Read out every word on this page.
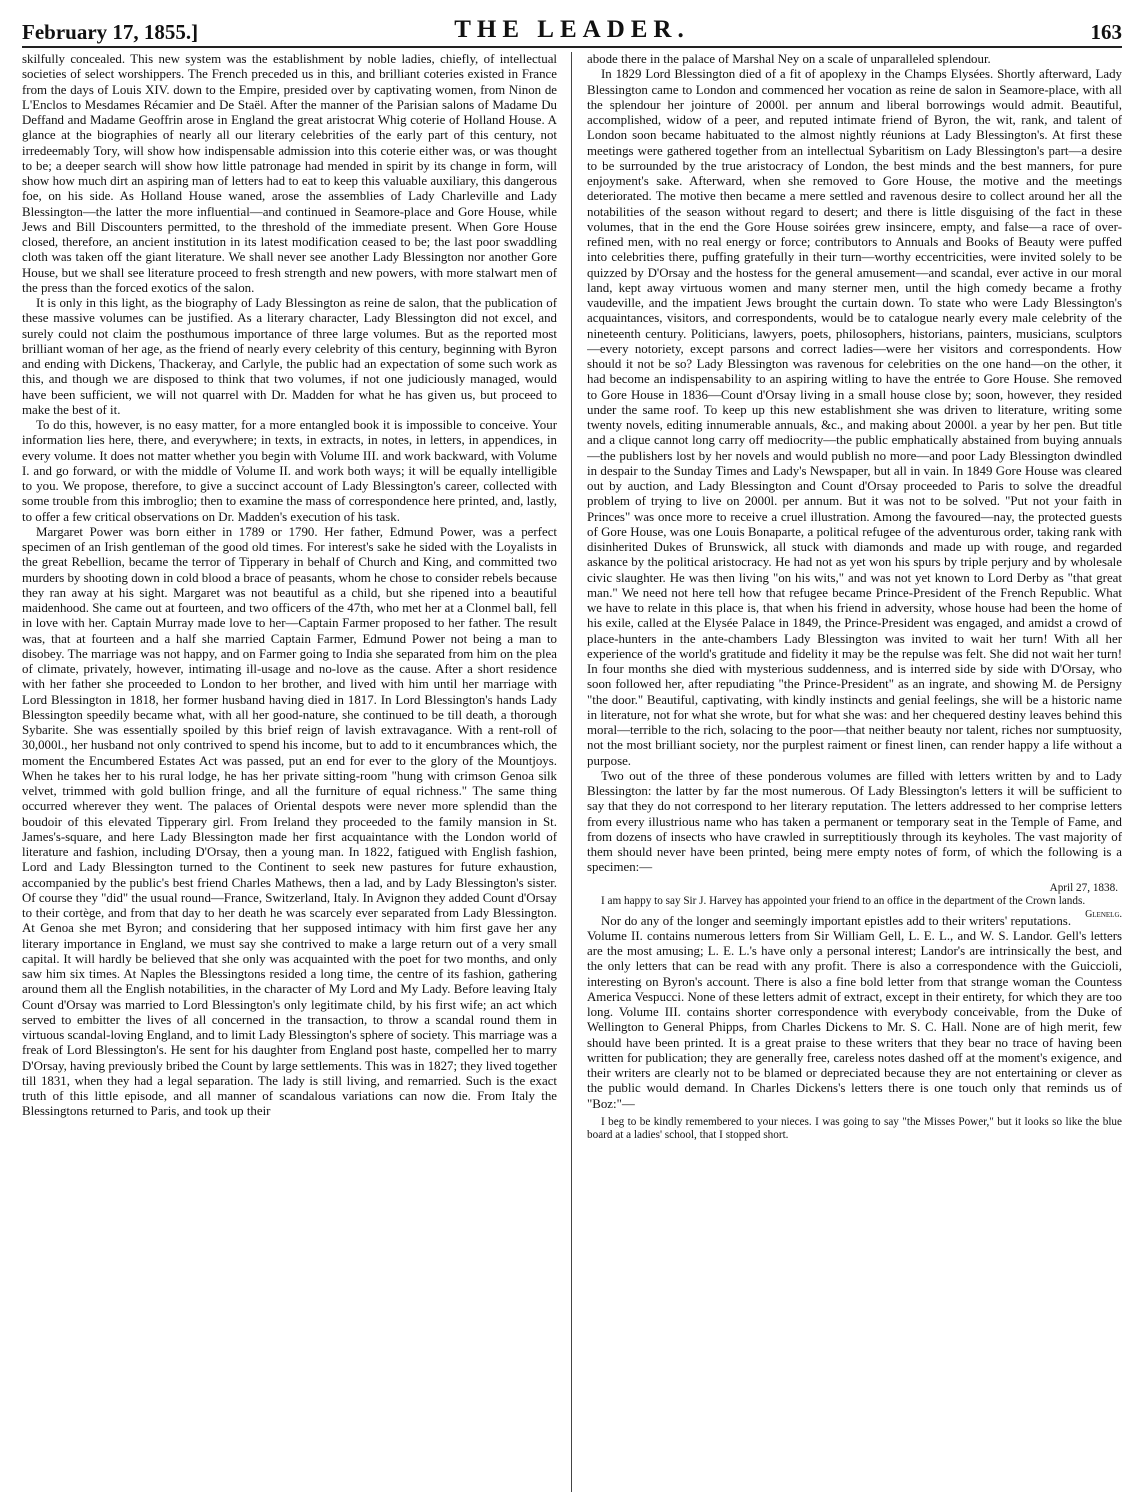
February 17, 1855.]	THE LEADER.	163

skilfully concealed. This new system was the establishment by noble ladies, chiefly, of intellectual societies of select worshippers. The French preceded us in this, and brilliant coteries existed in France from the days of Louis XIV. down to the Empire, presided over by captivating women, from Ninon de L'Enclos to Mesdames Récamier and De Staël. After the manner of the Parisian salons of Madame Du Deffand and Madame Geoffrin arose in England the great aristocrat Whig coterie of Holland House. A glance at the biographies of nearly all our literary celebrities of the early part of this century, not irredeemably Tory, will show how indispensable admission into this coterie either was, or was thought to be; a deeper search will show how little patronage had mended in spirit by its change in form, will show how much dirt an aspiring man of letters had to eat to keep this valuable auxiliary, this dangerous foe, on his side. As Holland House waned, arose the assemblies of Lady Charleville and Lady Blessington—the latter the more influential—and continued in Seamore-place and Gore House, while Jews and Bill Discounters permitted, to the threshold of the immediate present. When Gore House closed, therefore, an ancient institution in its latest modification ceased to be; the last poor swaddling cloth was taken off the giant literature. We shall never see another Lady Blessington nor another Gore House, but we shall see literature proceed to fresh strength and new powers, with more stalwart men of the press than the forced exotics of the salon.

It is only in this light, as the biography of Lady Blessington as reine de salon, that the publication of these massive volumes can be justified. As a literary character, Lady Blessington did not excel, and surely could not claim the posthumous importance of three large volumes. But as the reported most brilliant woman of her age, as the friend of nearly every celebrity of this century, beginning with Byron and ending with Dickens, Thackeray, and Carlyle, the public had an expectation of some such work as this, and though we are disposed to think that two volumes, if not one judiciously managed, would have been sufficient, we will not quarrel with Dr. Madden for what he has given us, but proceed to make the best of it.

To do this, however, is no easy matter, for a more entangled book it is impossible to conceive. Your information lies here, there, and everywhere; in texts, in extracts, in notes, in letters, in appendices, in every volume. It does not matter whether you begin with Volume III. and work backward, with Volume I. and go forward, or with the middle of Volume II. and work both ways; it will be equally intelligible to you. We propose, therefore, to give a succinct account of Lady Blessington's career, collected with some trouble from this imbroglio; then to examine the mass of correspondence here printed, and, lastly, to offer a few critical observations on Dr. Madden's execution of his task.

Margaret Power was born either in 1789 or 1790. Her father, Edmund Power, was a perfect specimen of an Irish gentleman of the good old times. For interest's sake he sided with the Loyalists in the great Rebellion, became the terror of Tipperary in behalf of Church and King, and committed two murders by shooting down in cold blood a brace of peasants, whom he chose to consider rebels because they ran away at his sight. Margaret was not beautiful as a child, but she ripened into a beautiful maidenhood. She came out at fourteen, and two officers of the 47th, who met her at a Clonmel ball, fell in love with her. Captain Murray made love to her—Captain Farmer proposed to her father. The result was, that at fourteen and a half she married Captain Farmer, Edmund Power not being a man to disobey. The marriage was not happy, and on Farmer going to India she separated from him on the plea of climate, privately, however, intimating ill-usage and no-love as the cause. After a short residence with her father she proceeded to London to her brother, and lived with him until her marriage with Lord Blessington in 1818, her former husband having died in 1817. In Lord Blessington's hands Lady Blessington speedily became what, with all her good-nature, she continued to be till death, a thorough Sybarite. She was essentially spoiled by this brief reign of lavish extravagance. With a rent-roll of 30,000l., her husband not only contrived to spend his income, but to add to it encumbrances which, the moment the Encumbered Estates Act was passed, put an end for ever to the glory of the Mountjoys. When he takes her to his rural lodge, he has her private sitting-room "hung with crimson Genoa silk velvet, trimmed with gold bullion fringe, and all the furniture of equal richness." The same thing occurred wherever they went. The palaces of Oriental despots were never more splendid than the boudoir of this elevated Tipperary girl. From Ireland they proceeded to the family mansion in St. James's-square, and here Lady Blessington made her first acquaintance with the London world of literature and fashion, including D'Orsay, then a young man. In 1822, fatigued with English fashion, Lord and Lady Blessington turned to the Continent to seek new pastures for future exhaustion, accompanied by the public's best friend Charles Mathews, then a lad, and by Lady Blessington's sister. Of course they "did" the usual round—France, Switzerland, Italy. In Avignon they added Count d'Orsay to their cortège, and from that day to her death he was scarcely ever separated from Lady Blessington. At Genoa she met Byron; and considering that her supposed intimacy with him first gave her any literary importance in England, we must say she contrived to make a large return out of a very small capital. It will hardly be believed that she only was acquainted with the poet for two months, and only saw him six times. At Naples the Blessingtons resided a long time, the centre of its fashion, gathering around them all the English notabilities, in the character of My Lord and My Lady. Before leaving Italy Count d'Orsay was married to Lord Blessington's only legitimate child, by his first wife; an act which served to embitter the lives of all concerned in the transaction, to throw a scandal round them in virtuous scandal-loving England, and to limit Lady Blessington's sphere of society. This marriage was a freak of Lord Blessington's. He sent for his daughter from England post haste, compelled her to marry D'Orsay, having previously bribed the Count by large settlements. This was in 1827; they lived together till 1831, when they had a legal separation. The lady is still living, and remarried. Such is the exact truth of this little episode, and all manner of scandalous variations can now die. From Italy the Blessingtons returned to Paris, and took up their

abode there in the palace of Marshal Ney on a scale of unparalleled splendour.

In 1829 Lord Blessington died of a fit of apoplexy in the Champs Elysées. Shortly afterward, Lady Blessington came to London and commenced her vocation as reine de salon in Seamore-place, with all the splendour her jointure of 2000l. per annum and liberal borrowings would admit. Beautiful, accomplished, widow of a peer, and reputed intimate friend of Byron, the wit, rank, and talent of London soon became habituated to the almost nightly réunions at Lady Blessington's. At first these meetings were gathered together from an intellectual Sybaritism on Lady Blessington's part—a desire to be surrounded by the true aristocracy of London, the best minds and the best manners, for pure enjoyment's sake. Afterward, when she removed to Gore House, the motive and the meetings deteriorated. The motive then became a mere settled and ravenous desire to collect around her all the notabilities of the season without regard to desert; and there is little disguising of the fact in these volumes, that in the end the Gore House soirées grew insincere, empty, and false—a race of over-refined men, with no real energy or force; contributors to Annuals and Books of Beauty were puffed into celebrities there, puffing gratefully in their turn—worthy eccentricities, were invited solely to be quizzed by D'Orsay and the hostess for the general amusement—and scandal, ever active in our moral land, kept away virtuous women and many sterner men, until the high comedy became a frothy vaudeville, and the impatient Jews brought the curtain down. To state who were Lady Blessington's acquaintances, visitors, and correspondents, would be to catalogue nearly every male celebrity of the nineteenth century. Politicians, lawyers, poets, philosophers, historians, painters, musicians, sculptors—every notoriety, except parsons and correct ladies—were her visitors and correspondents. How should it not be so? Lady Blessington was ravenous for celebrities on the one hand—on the other, it had become an indispensability to an aspiring witling to have the entrée to Gore House. She removed to Gore House in 1836—Count d'Orsay living in a small house close by; soon, however, they resided under the same roof. To keep up this new establishment she was driven to literature, writing some twenty novels, editing innumerable annuals, &c., and making about 2000l. a year by her pen. But title and a clique cannot long carry off mediocrity—the public emphatically abstained from buying annuals—the publishers lost by her novels and would publish no more—and poor Lady Blessington dwindled in despair to the Sunday Times and Lady's Newspaper, but all in vain. In 1849 Gore House was cleared out by auction, and Lady Blessington and Count d'Orsay proceeded to Paris to solve the dreadful problem of trying to live on 2000l. per annum. But it was not to be solved. "Put not your faith in Princes" was once more to receive a cruel illustration. Among the favoured—nay, the protected guests of Gore House, was one Louis Bonaparte, a political refugee of the adventurous order, taking rank with disinherited Dukes of Brunswick, all stuck with diamonds and made up with rouge, and regarded askance by the political aristocracy. He had not as yet won his spurs by triple perjury and by wholesale civic slaughter. He was then living "on his wits," and was not yet known to Lord Derby as "that great man." We need not here tell how that refugee became Prince-President of the French Republic. What we have to relate in this place is, that when his friend in adversity, whose house had been the home of his exile, called at the Elysée Palace in 1849, the Prince-President was engaged, and amidst a crowd of place-hunters in the ante-chambers Lady Blessington was invited to wait her turn! With all her experience of the world's gratitude and fidelity it may be the repulse was felt. She did not wait her turn! In four months she died with mysterious suddenness, and is interred side by side with D'Orsay, who soon followed her, after repudiating "the Prince-President" as an ingrate, and showing M. de Persigny "the door." Beautiful, captivating, with kindly instincts and genial feelings, she will be a historic name in literature, not for what she wrote, but for what she was: and her chequered destiny leaves behind this moral—terrible to the rich, solacing to the poor—that neither beauty nor talent, riches nor sumptuosity, not the most brilliant society, nor the purplest raiment or finest linen, can render happy a life without a purpose.

Two out of the three of these ponderous volumes are filled with letters written by and to Lady Blessington: the latter by far the most numerous. Of Lady Blessington's letters it will be sufficient to say that they do not correspond to her literary reputation. The letters addressed to her comprise letters from every illustrious name who has taken a permanent or temporary seat in the Temple of Fame, and from dozens of insects who have crawled in surreptitiously through its keyholes. The vast majority of them should never have been printed, being mere empty notes of form, of which the following is a specimen:—

April 27, 1838.
I am happy to say Sir J. Harvey has appointed your friend to an office in the department of the Crown lands.
Glenelg.

Nor do any of the longer and seemingly important epistles add to their writers' reputations. Volume II. contains numerous letters from Sir William Gell, L. E. L., and W. S. Landor. Gell's letters are the most amusing; L. E. L.'s have only a personal interest; Landor's are intrinsically the best, and the only letters that can be read with any profit. There is also a correspondence with the Guiccioli, interesting on Byron's account. There is also a fine bold letter from that strange woman the Countess America Vespucci. None of these letters admit of extract, except in their entirety, for which they are too long. Volume III. contains shorter correspondence with everybody conceivable, from the Duke of Wellington to General Phipps, from Charles Dickens to Mr. S. C. Hall. None are of high merit, few should have been printed. It is a great praise to these writers that they bear no trace of having been written for publication; they are generally free, careless notes dashed off at the moment's exigence, and their writers are clearly not to be blamed or depreciated because they are not entertaining or clever as the public would demand. In Charles Dickens's letters there is one touch only that reminds us of "Boz:"—

I beg to be kindly remembered to your nieces. I was going to say "the Misses Power," but it looks so like the blue board at a ladies' school, that I stopped short.
